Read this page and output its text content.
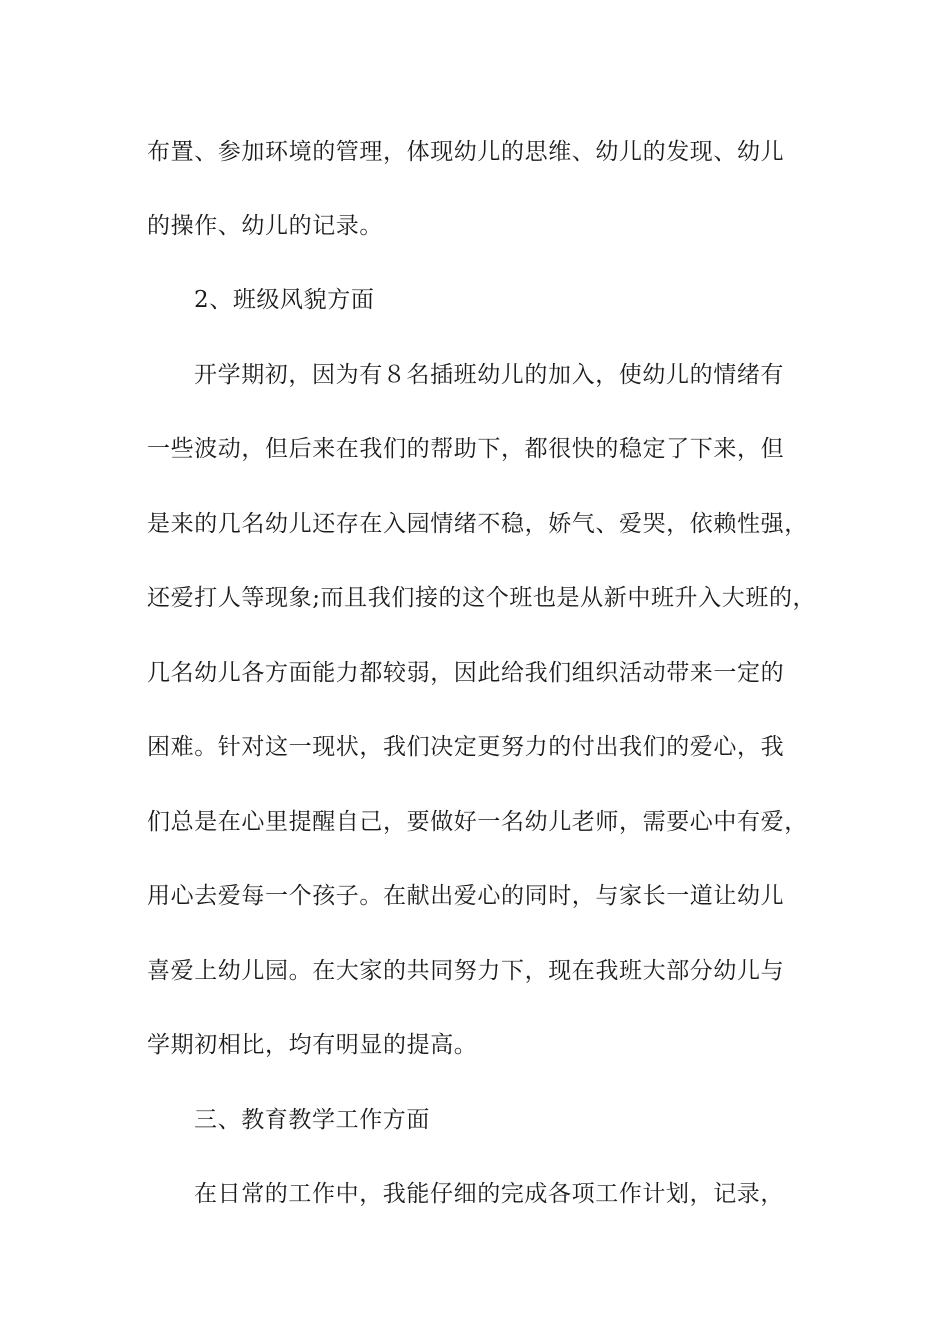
布置、参加环境的管理，体现幼儿的思维、幼儿的发现、幼儿
的操作、幼儿的记录。
2、班级风貌方面
开学期初，因为有８名插班幼儿的加入，使幼儿的情绪有
一些波动，但后来在我们的帮助下，都很快的稳定了下来，但
是来的几名幼儿还存在入园情绪不稳，娇气、爱哭，依赖性强，
还爱打人等现象;而且我们接的这个班也是从新中班升入大班的，
几名幼儿各方面能力都较弱，因此给我们组织活动带来一定的
困难。针对这一现状，我们决定更努力的付出我们的爱心，我
们总是在心里提醒自己，要做好一名幼儿老师，需要心中有爱，
用心去爱每一个孩子。在献出爱心的同时，与家长一道让幼儿
喜爱上幼儿园。在大家的共同努力下，现在我班大部分幼儿与
学期初相比，均有明显的提高。
三、教育教学工作方面
在日常的工作中，我能仔细的完成各项工作计划，记录，
